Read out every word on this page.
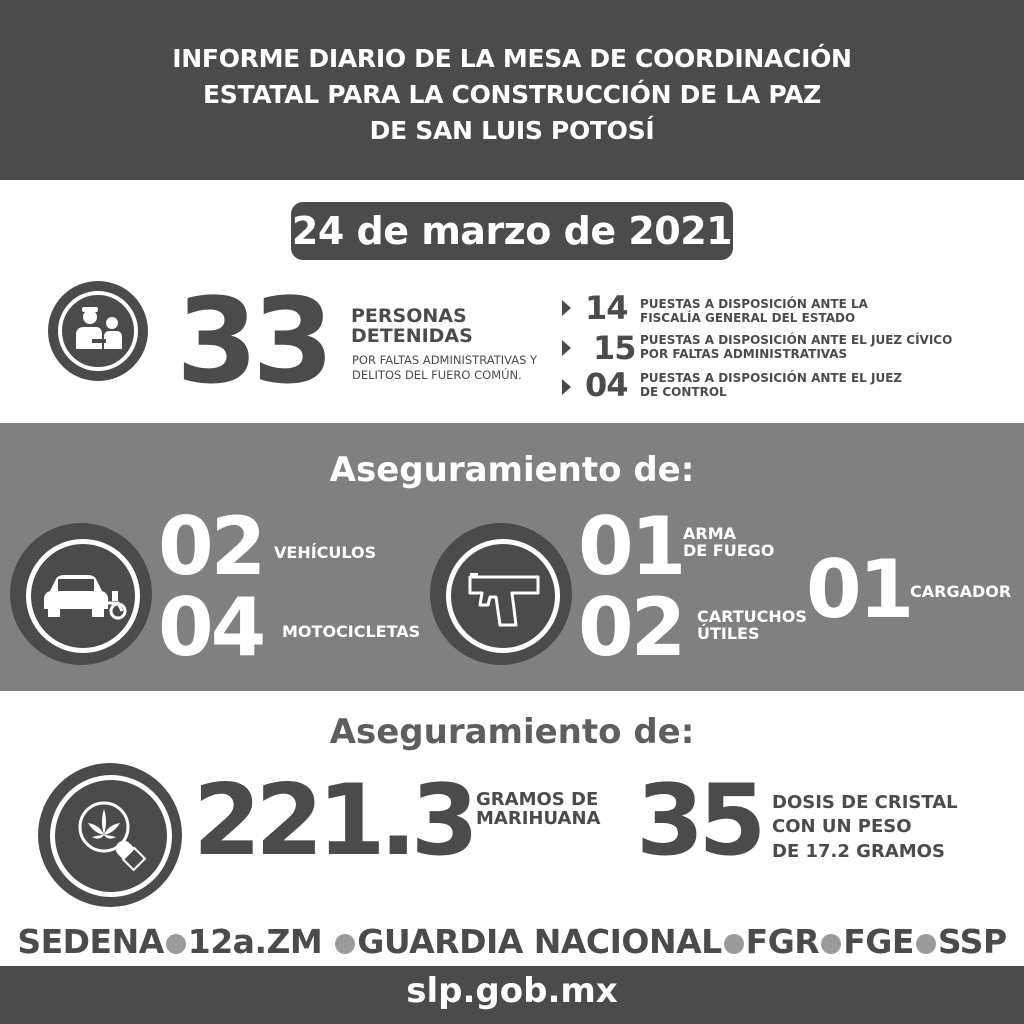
INFORME DIARIO DE LA MESA DE COORDINACIÓN
ESTATAL PARA LA CONSTRUCCIÓN DE LA PAZ
DE SAN LUIS POTOSÍ
24 de marzo de 2021
33 PERSONAS
DETENIDAS
POR FALTAS ADMINISTRATIVAS Y
DELITOS DEL FUERO COMÚN.
14 PUESTAS A DISPOSICIÓN ANTE LA
FISCALÍA GENERAL DEL ESTADO
15 PUESTAS A DISPOSICIÓN ANTE EL JUEZ CÍVICO
POR FALTAS ADMINISTRATIVAS
04 PUESTAS A DISPOSICIÓN ANTE EL JUEZ
DE CONTROL
Aseguramiento de:
02 VEHÍCULOS
04 MOTOCICLETAS
01 ARMA
DE FUEGO
02 CARTUCHOS
ÚTILES 01
CARGADOR
Aseguramiento de:
221.3 GRAMOS DE
MARIHUANA 35 DOSIS DE CRISTAL
CON UN PESO
DE 17.2 GRAMOS
SEDENA 12a.ZM GUARDIA NACIONAL FGR FGE SSP
slp.gob.mx
